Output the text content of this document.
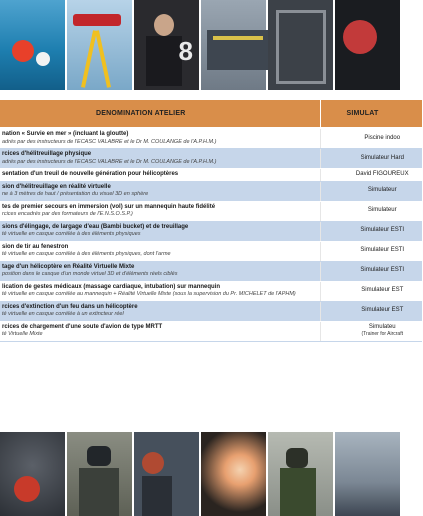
8
DENOMINATION ATELIER	SIMULAT

nation « Survie en mer » (incluant la gloutte)
adrés par des instructeurs de l'ECASC VALABRE et le Dr M. COULANGE de l'A.P.H.M.)	Piscine indoo

rcices d'hélitreuillage physique
adrés par des instructeurs de l'ECASC VALABRE et le Dr M. COULANGE de l'A.P.H.M.)	Simulateur Hard

sentation d'un treuil de nouvelle génération pour hélicoptères	David FIGOUREUX

sion d'hélitreuillage en réalité virtuelle
ne à 3 mètres de haut / présentation du visuel 3D en sphère	Simulateur

tes de premier secours en immersion (vol) sur un mannequin haute fidélité
rcices encadrés par des formateurs de l'E.N.S.O.S.P.)	Simulateur

sions d'élingage, de largage d'eau (Bambi bucket) et de treuillage
té virtuelle en casque corrélée à des éléments physiques	Simulateur ESTI

sion de tir au fenestron
té virtuelle en casque corrélée à des éléments physiques, dont l'arme	Simulateur ESTI

tage d'un hélicoptère en Réalité Virtuelle Mixte
position dans le casque d'un monde virtuel 3D et d'éléments réels ciblés	Simulateur ESTI

lication de gestes médicaux (massage cardiaque, intubation) sur mannequin
té virtuelle en casque corrélée au mannequin + Réalité Virtuelle Mixte (sous la supervision du Pr. MICHELET de l'APHM)	Simulateur EST

rcices d'extinction d'un feu dans un hélicoptère
té virtuelle en casque corrélée à un extincteur réel	Simulateur EST

rcices de chargement d'une soute d'avion de type MRTT
té Virtuelle Mixte	Simulateu
(Trainer for Aircraft
